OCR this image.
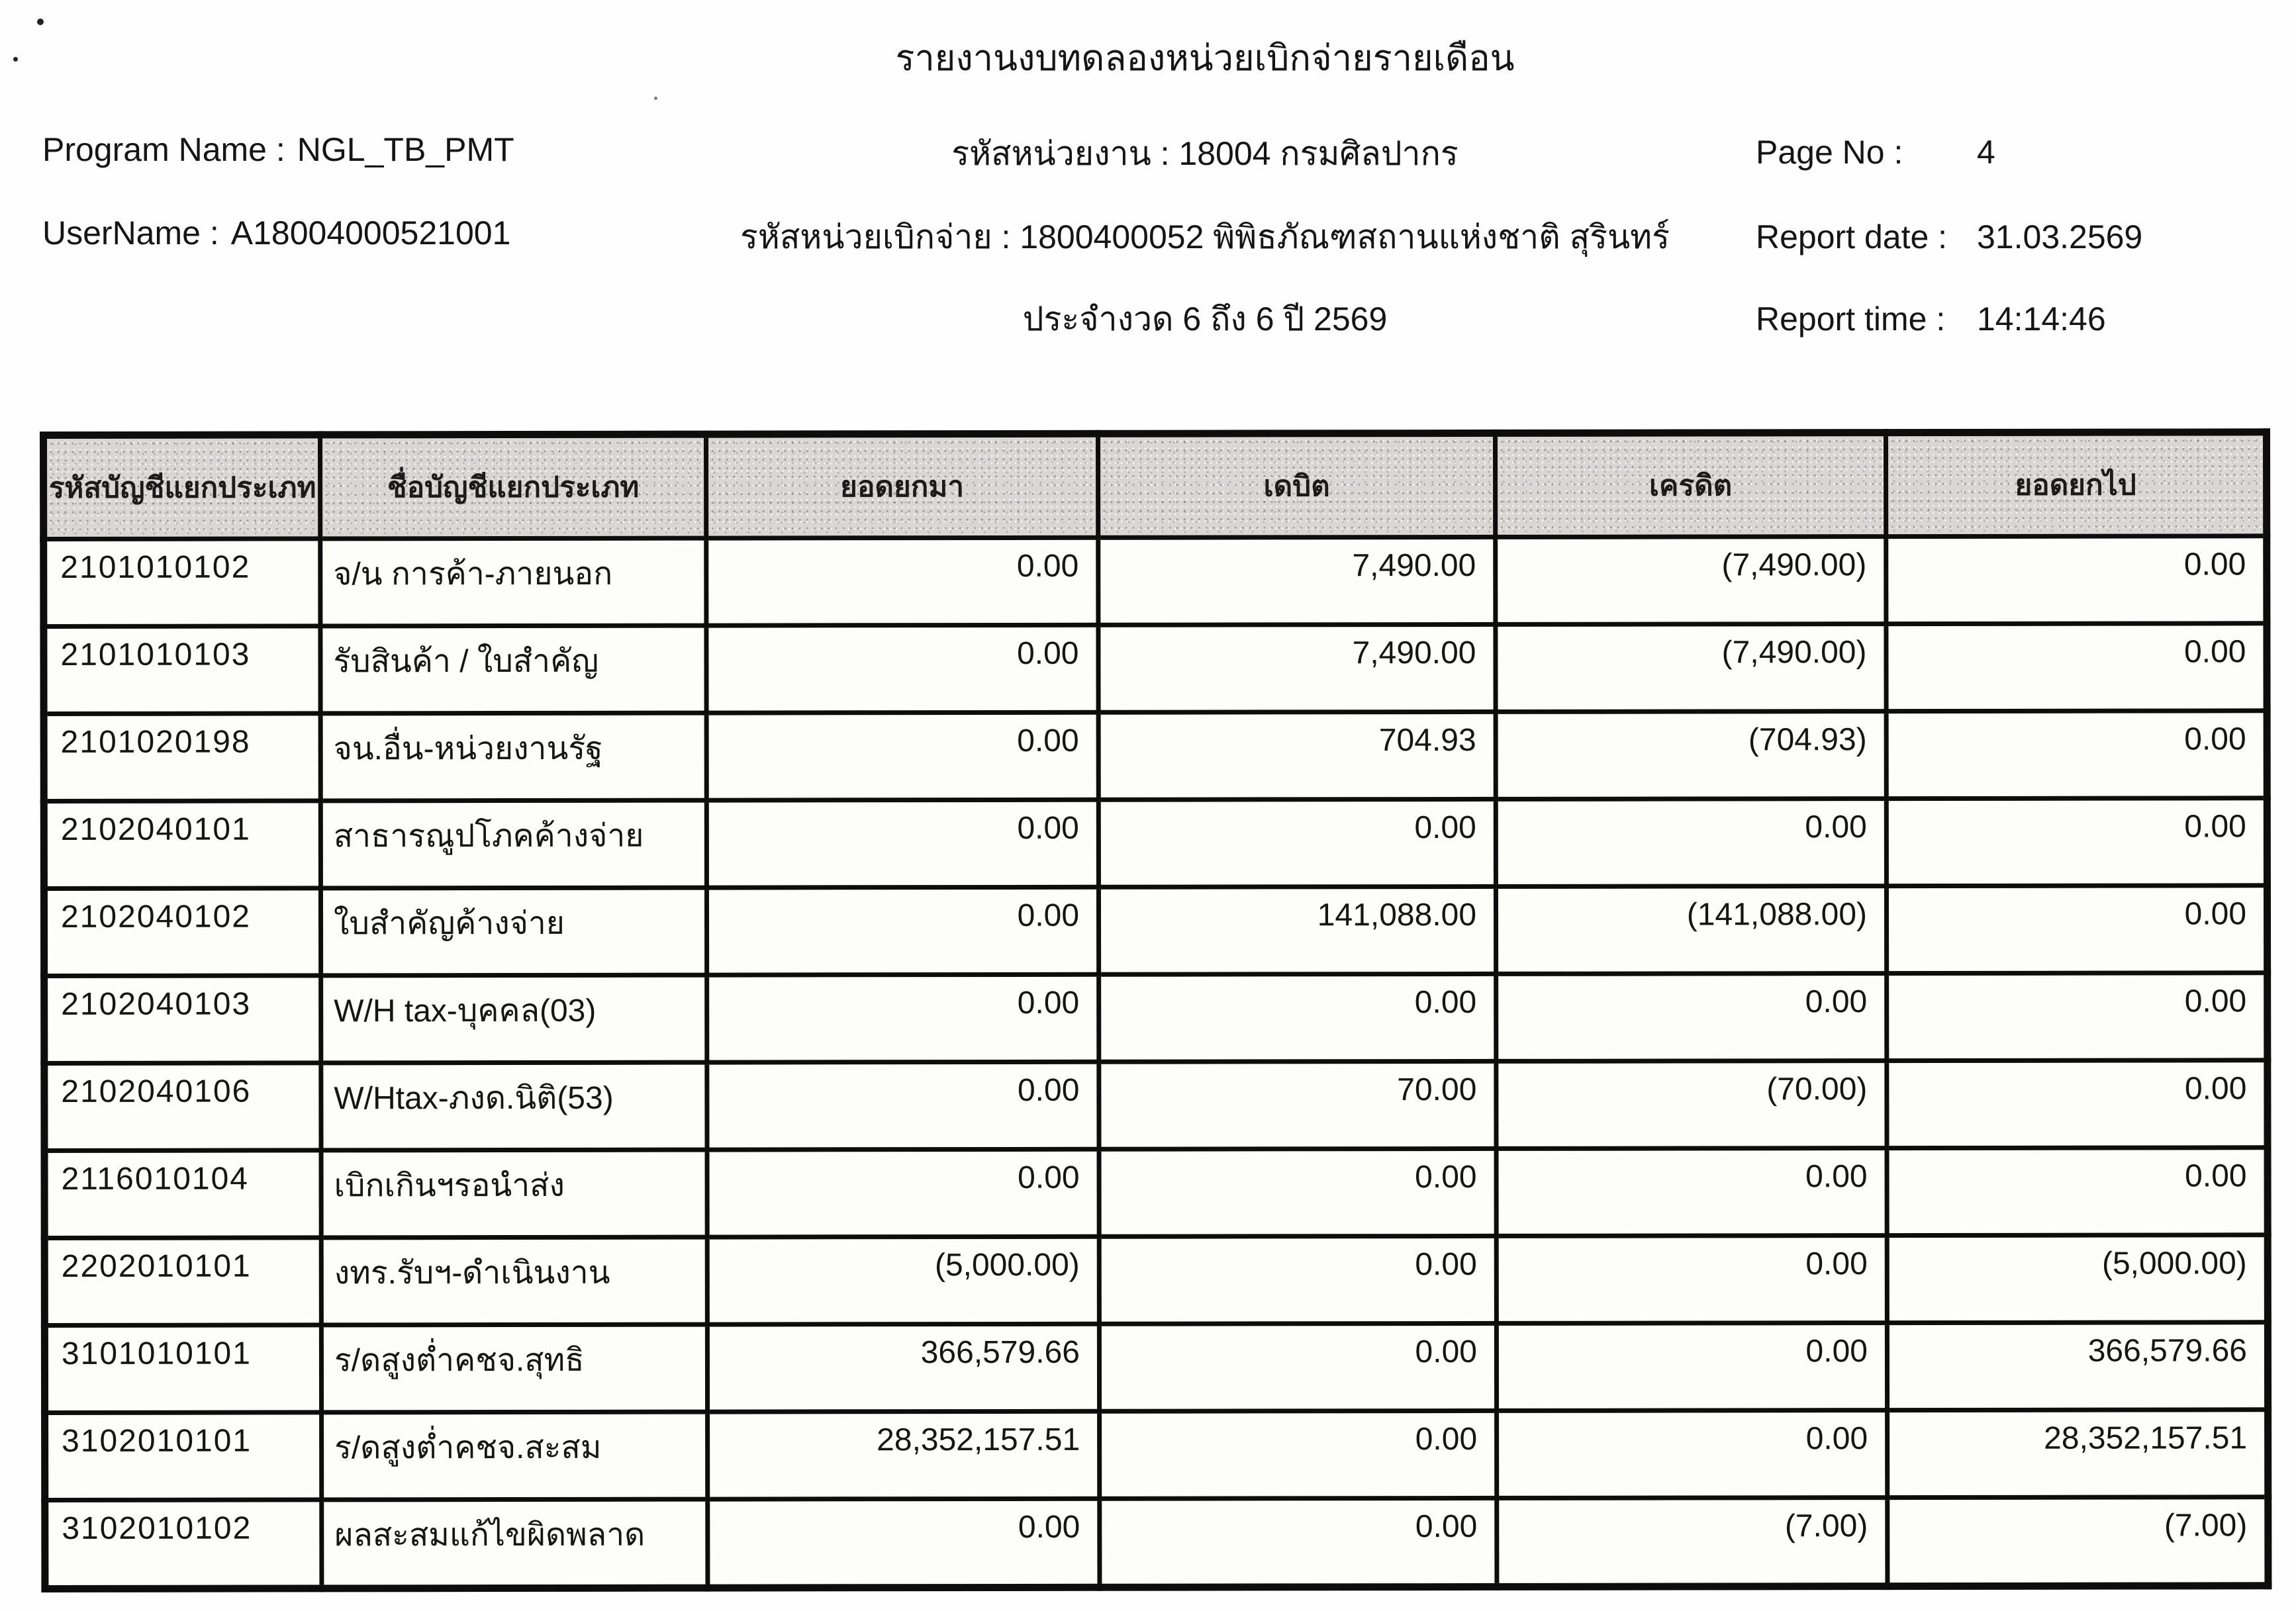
รายงานงบทดลองหน่วยเบิกจ่ายรายเดือน
Program Name : NGL_TB_PMT
UserName : A18004000521001
รหัสหน่วยงาน : 18004 กรมศิลปากร
รหัสหน่วยเบิกจ่าย : 1800400052 พิพิธภัณฑสถานแห่งชาติ สุรินทร์
ประจำงวด 6 ถึง 6 ปี 2569
Page No : 4
Report date : 31.03.2569
Report time : 14:14:46
รหัสบัญชีแยกประเภท	ชื่อบัญชีแยกประเภท	ยอดยกมา	เดบิต	เครดิต	ยอดยกไป
2101010102	จ/น การค้า-ภายนอก	0.00	7,490.00	(7,490.00)	0.00
2101010103	รับสินค้า / ใบสำคัญ	0.00	7,490.00	(7,490.00)	0.00
2101020198	จน.อื่น-หน่วยงานรัฐ	0.00	704.93	(704.93)	0.00
2102040101	สาธารณูปโภคค้างจ่าย	0.00	0.00	0.00	0.00
2102040102	ใบสำคัญค้างจ่าย	0.00	141,088.00	(141,088.00)	0.00
2102040103	W/H tax-บุคคล(03)	0.00	0.00	0.00	0.00
2102040106	W/Htax-ภงด.นิติ(53)	0.00	70.00	(70.00)	0.00
2116010104	เบิกเกินฯรอนำส่ง	0.00	0.00	0.00	0.00
2202010101	งทร.รับฯ-ดำเนินงาน	(5,000.00)	0.00	0.00	(5,000.00)
3101010101	ร/ดสูงต่ำคชจ.สุทธิ	366,579.66	0.00	0.00	366,579.66
3102010101	ร/ดสูงต่ำคชจ.สะสม	28,352,157.51	0.00	0.00	28,352,157.51
3102010102	ผลสะสมแก้ไขผิดพลาด	0.00	0.00	(7.00)	(7.00)
